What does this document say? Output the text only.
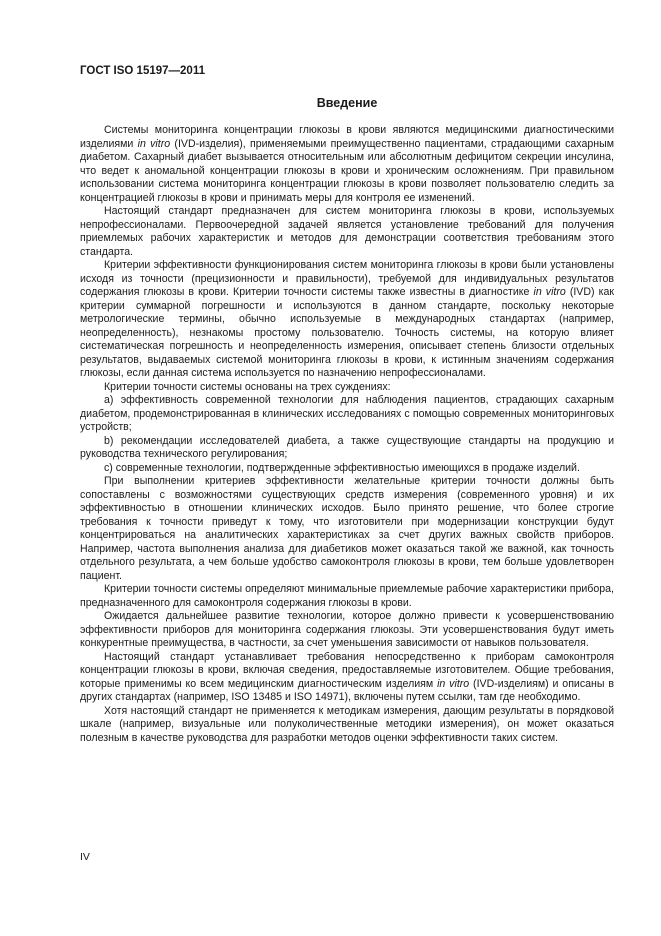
ГОСТ ISO 15197—2011

Введение

Системы мониторинга концентрации глюкозы в крови являются медицинскими диагностическими изделиями in vitro (IVD-изделия), применяемыми преимущественно пациентами, страдающими сахарным диабетом. Сахарный диабет вызывается относительным или абсолютным дефицитом секреции инсулина, что ведет к аномальной концентрации глюкозы в крови и хроническим осложнениям. При правильном использовании система мониторинга концентрации глюкозы в крови позволяет пользователю следить за концентрацией глюкозы в крови и принимать меры для контроля ее изменений.

Настоящий стандарт предназначен для систем мониторинга глюкозы в крови, используемых непрофессионалами. Первоочередной задачей является установление требований для получения приемлемых рабочих характеристик и методов для демонстрации соответствия требованиям этого стандарта.

Критерии эффективности функционирования систем мониторинга глюкозы в крови были установлены исходя из точности (прецизионности и правильности), требуемой для индивидуальных результатов содержания глюкозы в крови. Критерии точности системы также известны в диагностике in vitro (IVD) как критерии суммарной погрешности и используются в данном стандарте, поскольку некоторые метрологические термины, обычно используемые в международных стандартах (например, неопределенность), незнакомы простому пользователю. Точность системы, на которую влияет систематическая погрешность и неопределенность измерения, описывает степень близости отдельных результатов, выдаваемых системой мониторинга глюкозы в крови, к истинным значениям содержания глюкозы, если данная система используется по назначению непрофессионалами.

Критерии точности системы основаны на трех суждениях:

a) эффективность современной технологии для наблюдения пациентов, страдающих сахарным диабетом, продемонстрированная в клинических исследованиях с помощью современных мониторинговых устройств;

b) рекомендации исследователей диабета, а также существующие стандарты на продукцию и руководства технического регулирования;

c) современные технологии, подтвержденные эффективностью имеющихся в продаже изделий.

При выполнении критериев эффективности желательные критерии точности должны быть сопоставлены с возможностями существующих средств измерения (современного уровня) и их эффективностью в отношении клинических исходов. Было принято решение, что более строгие требования к точности приведут к тому, что изготовители при модернизации конструкции будут концентрироваться на аналитических характеристиках за счет других важных свойств приборов. Например, частота выполнения анализа для диабетиков может оказаться такой же важной, как точность отдельного результата, а чем больше удобство самоконтроля глюкозы в крови, тем больше удовлетворен пациент.

Критерии точности системы определяют минимальные приемлемые рабочие характеристики прибора, предназначенного для самоконтроля содержания глюкозы в крови.

Ожидается дальнейшее развитие технологии, которое должно привести к усовершенствованию эффективности приборов для мониторинга содержания глюкозы. Эти усовершенствования будут иметь конкурентные преимущества, в частности, за счет уменьшения зависимости от навыков пользователя.

Настоящий стандарт устанавливает требования непосредственно к приборам самоконтроля концентрации глюкозы в крови, включая сведения, предоставляемые изготовителем. Общие требования, которые применимы ко всем медицинским диагностическим изделиям in vitro (IVD-изделиям) и описаны в других стандартах (например, ISO 13485 и ISO 14971), включены путем ссылки, там где необходимо.

Хотя настоящий стандарт не применяется к методикам измерения, дающим результаты в порядковой шкале (например, визуальные или полуколичественные методики измерения), он может оказаться полезным в качестве руководства для разработки методов оценки эффективности таких систем.

IV
